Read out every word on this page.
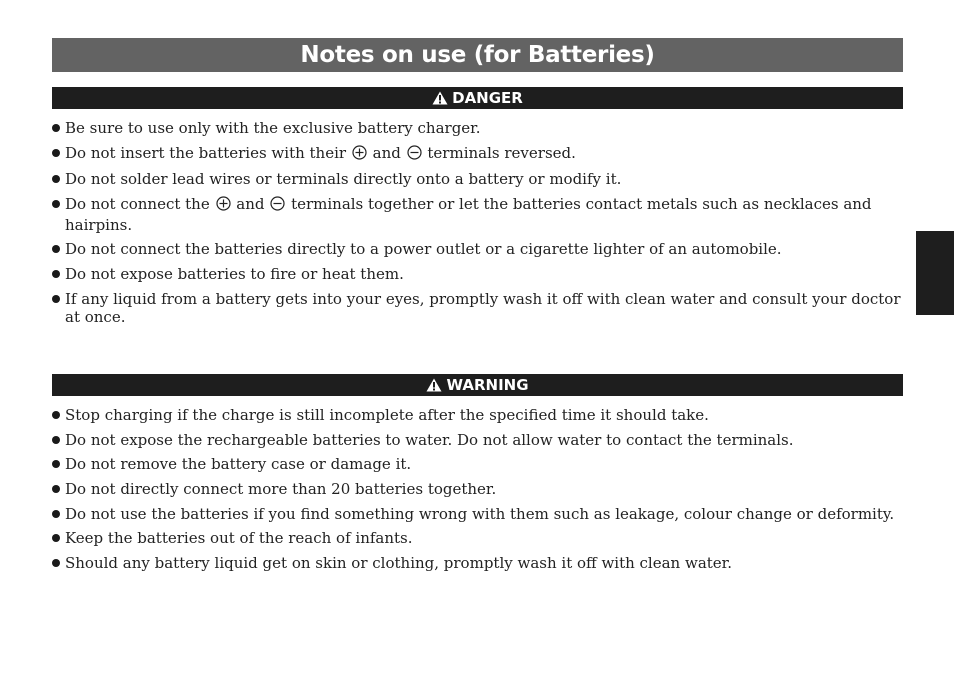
Notes on use (for Batteries)
DANGER
Be sure to use only with the exclusive battery charger.
Do not insert the batteries with their and terminals reversed.
Do not solder lead wires or terminals directly onto a battery or modify it.
Do not connect the and terminals together or let the batteries contact metals such as necklaces and hairpins.
Do not connect the batteries directly to a power outlet or a cigarette lighter of an automobile.
Do not expose batteries to fire or heat them.
If any liquid from a battery gets into your eyes, promptly wash it off with clean water and consult your doctor at once.
WARNING
Stop charging if the charge is still incomplete after the specified time it should take.
Do not expose the rechargeable batteries to water. Do not allow water to contact the terminals.
Do not remove the battery case or damage it.
Do not directly connect more than 20 batteries together.
Do not use the batteries if you find something wrong with them such as leakage, colour change or deformity.
Keep the batteries out of the reach of infants.
Should any battery liquid get on skin or clothing, promptly wash it off with clean water.
